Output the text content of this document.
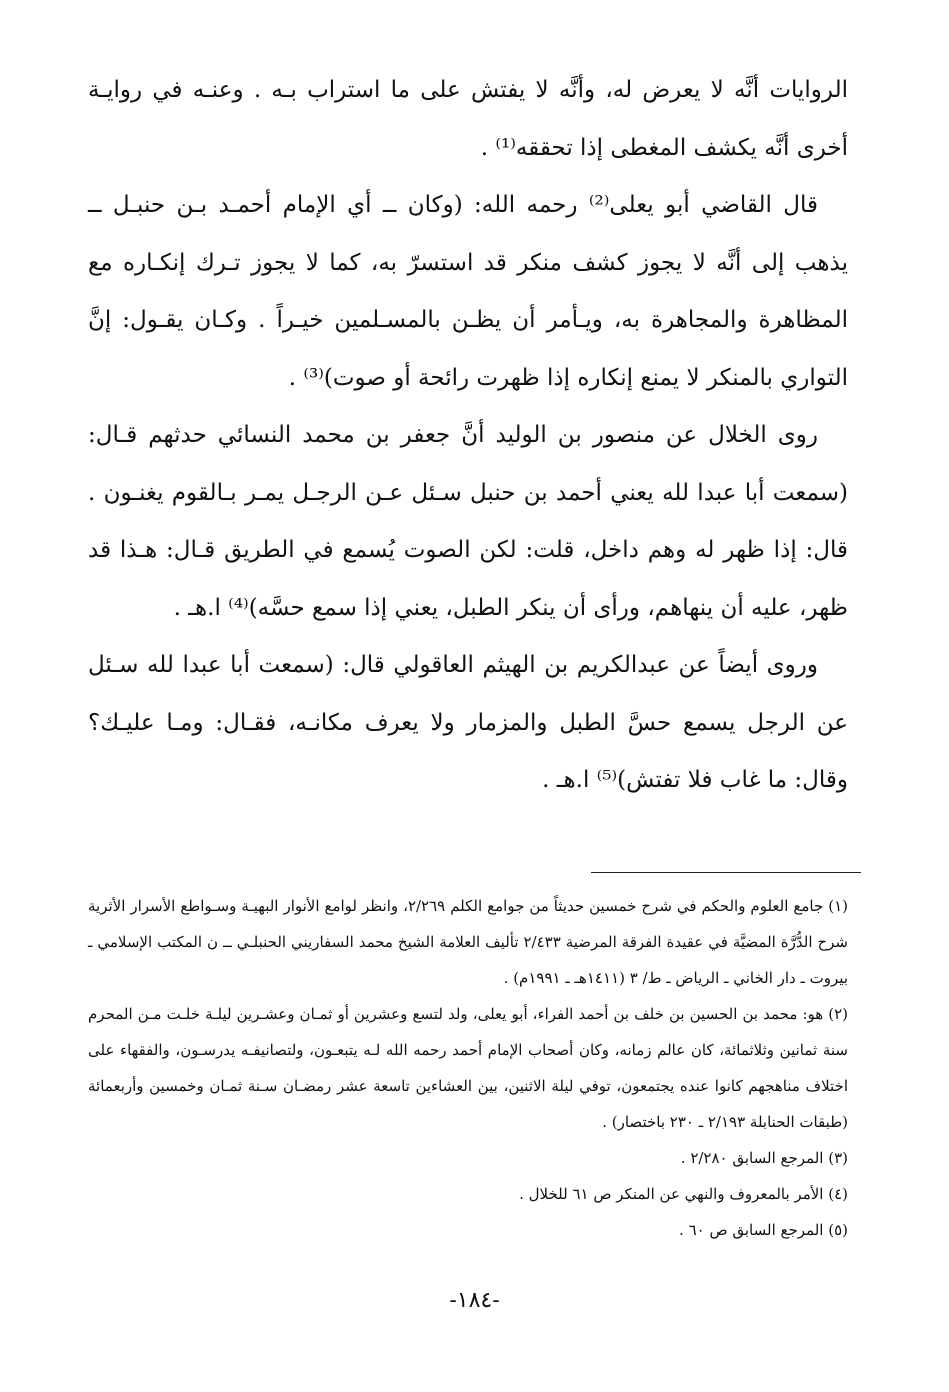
الروايات أنَّه لا يعرض له، وأنَّه لا يفتش على ما استراب بـه . وعنـه في روايـة أخرى أنَّه يكشف المغطى إذا تحققه⁽¹⁾ .

قال القاضي أبو يعلى⁽²⁾ رحمه الله: (وكان ــ أي الإمام أحمـد بـن حنبـل ــ يذهب إلى أنَّه لا يجوز كشف منكر قد استسرّ به، كما لا يجوز تـرك إنكـاره مع المظاهرة والمجاهرة به، ويـأمر أن يظـن بالمسـلمين خيـراً . وكـان يقـول: إنَّ التواري بالمنكر لا يمنع إنكاره إذا ظهرت رائحة أو صوت)⁽³⁾ .

روى الخلال عن منصور بن الوليد أنَّ جعفر بن محمد النسائي حدثهم قـال: (سمعت أبا عبدا لله يعني أحمد بن حنبل سـئل عـن الرجـل يمـر بـالقوم يغنـون . قال: إذا ظهر له وهم داخل، قلت: لكن الصوت يُسمع في الطريق قـال: هـذا قد ظهر، عليه أن ينهاهم، ورأى أن ينكر الطبل، يعني إذا سمع حسَّه)⁽⁴⁾ ا.هـ .

وروى أيضاً عن عبدالكريم بن الهيثم العاقولي قال: (سمعت أبا عبدا لله سـئل عن الرجل يسمع حسَّ الطبل والمزمار ولا يعرف مكانـه، فقـال: ومـا عليـك؟ وقال: ما غاب فلا تفتش)⁽⁵⁾ ا.هـ .

(١) جامع العلوم والحكم في شرح خمسين حديثاً من جوامع الكلم ٢/٢٦٩، وانظر لوامع الأنوار البهيـة وسـواطع الأسرار الأثرية شرح الدُّرَّة المضيَّة في عقيدة الفرقة المرضية ٢/٤٣٣ تأليف العلامة الشيخ محمد السفاريني الحنبلـي ــ ن المكتب الإسلامي ـ بيروت ـ دار الخاني ـ الرياض ـ ط/ ٣ (١٤١١هـ ـ ١٩٩١م) .

(٢) هو: محمد بن الحسين بن خلف بن أحمد الفراء، أبو يعلى، ولد لتسع وعشرين أو ثمـان وعشـرين ليلـة خلـت مـن المحرم سنة ثمانين وثلاثمائة، كان عالم زمانه، وكان أصحاب الإمام أحمد رحمه الله لـه يتبعـون، ولتصانيفـه يدرسـون، والفقهاء على اختلاف مناهجهم كانوا عنده يجتمعون، توفي ليلة الاثنين، بين العشاءين تاسعة عشر رمضـان سـنة ثمـان وخمسين وأربعمائة (طبقات الحنابلة ٢/١٩٣ ـ ٢٣٠ باختصار) .

(٣) المرجع السابق ٢/٢٨٠ .

(٤) الأمر بالمعروف والنهي عن المنكر ص ٦١ للخلال .

(٥) المرجع السابق ص ٦٠ .

-١٨٤-
